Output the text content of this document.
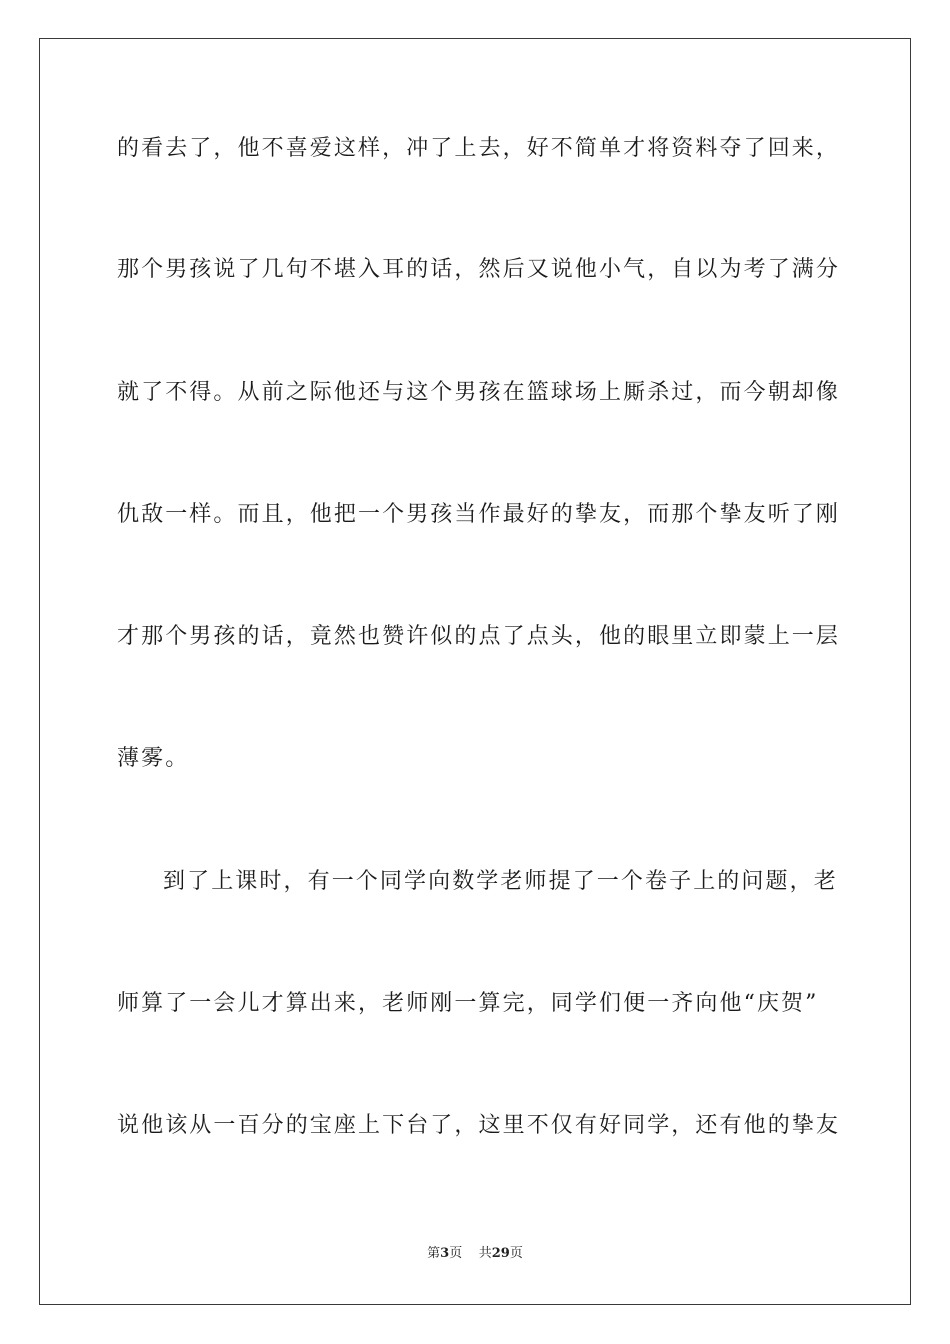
的看去了，他不喜爱这样，冲了上去，好不简单才将资料夺了回来，
那个男孩说了几句不堪入耳的话，然后又说他小气，自以为考了满分
就了不得。从前之际他还与这个男孩在篮球场上厮杀过，而今朝却像
仇敌一样。而且，他把一个男孩当作最好的挚友，而那个挚友听了刚
才那个男孩的话，竟然也赞许似的点了点头，他的眼里立即蒙上一层
薄雾。
到了上课时，有一个同学向数学老师提了一个卷子上的问题，老
师算了一会儿才算出来，老师刚一算完，同学们便一齐向他“庆贺”
说他该从一百分的宝座上下台了，这里不仅有好同学，还有他的挚友
第3页 共29页
